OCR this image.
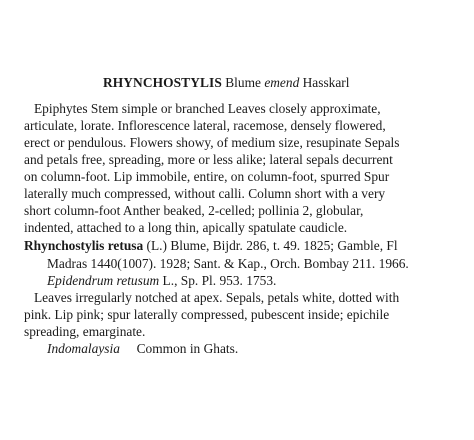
RHYNCHOSTYLIS Blume emend Hasskarl
Epiphytes Stem simple or branched Leaves closely approximate,
articulate, lorate. Inflorescence lateral, racemose, densely flowered,
erect or pendulous. Flowers showy, of medium size, resupinate Sepals
and petals free, spreading, more or less alike; lateral sepals decurrent
on column-foot. Lip immobile, entire, on column-foot, spurred Spur
laterally much compressed, without calli. Column short with a very
short column-foot Anther beaked, 2-celled; pollinia 2, globular,
indented, attached to a long thin, apically spatulate caudicle.
Rhynchostylis retusa (L.) Blume, Bijdr. 286, t. 49. 1825; Gamble, Fl
Madras 1440(1007). 1928; Sant. & Kap., Orch. Bombay 211. 1966.
Epidendrum retusum L., Sp. Pl. 953. 1753.
Leaves irregularly notched at apex. Sepals, petals white, dotted with
pink. Lip pink; spur laterally compressed, pubescent inside; epichile
spreading, emarginate.
Indomalaysia Common in Ghats.
